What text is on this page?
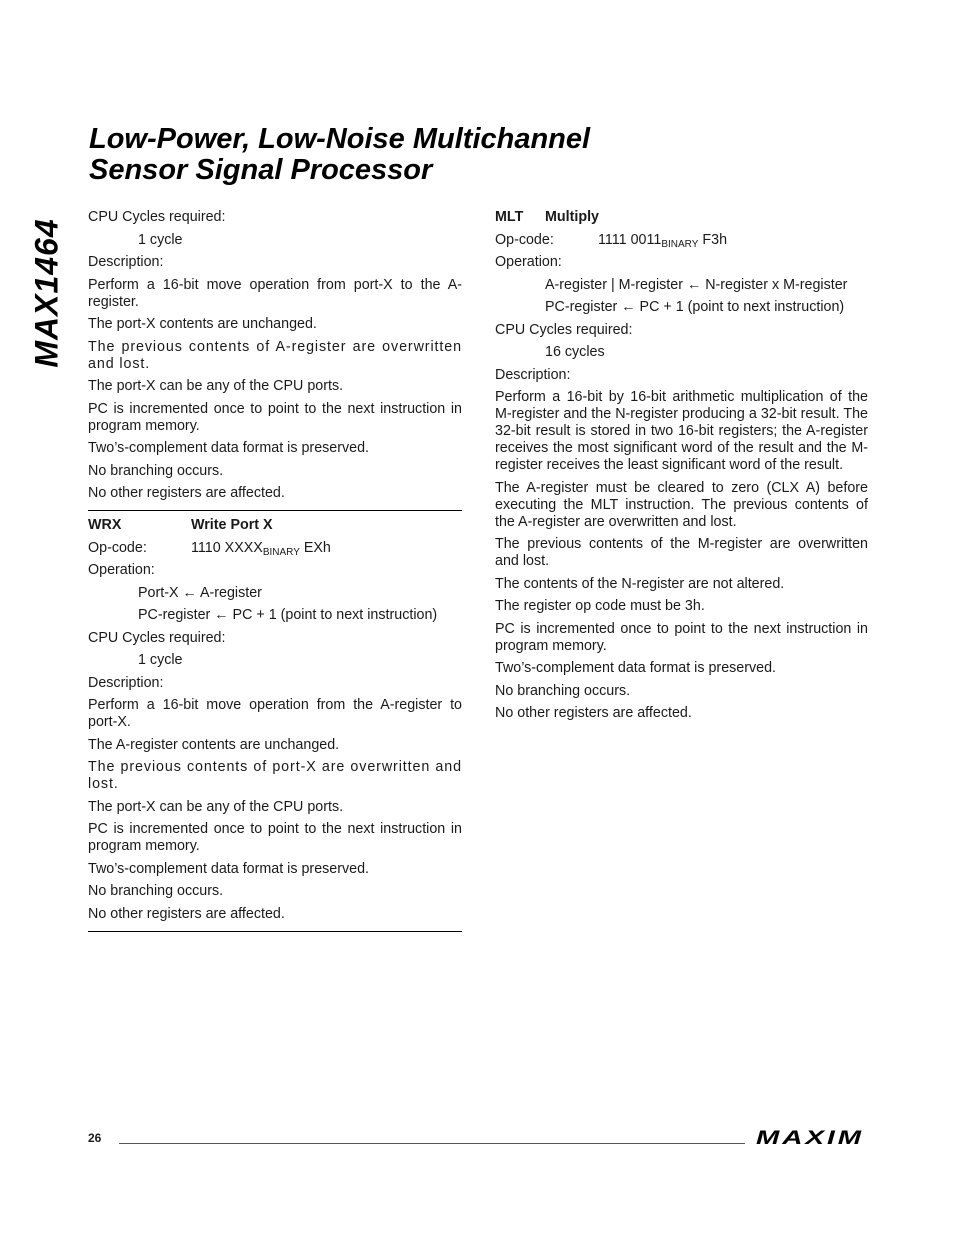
MAX1464
Low-Power, Low-Noise Multichannel
Sensor Signal Processor

CPU Cycles required:

1 cycle

Description:

Perform a 16-bit move operation from port-X to the A-register.

The port-X contents are unchanged.

The previous contents of A-register are overwritten and lost.

The port-X can be any of the CPU ports.

PC is incremented once to point to the next instruction in program memory.

Two’s-complement data format is preserved.

No branching occurs.

No other registers are affected.

WRX	Write Port X

Op-code:	1110 $XXXX_{BINARY}$ EXh

Operation:

Port-X ← A-register

PC-register ← PC + 1 (point to next instruction)

CPU Cycles required:

1 cycle

Description:

Perform a 16-bit move operation from the A-register to port-X.

The A-register contents are unchanged.

The previous contents of port-X are overwritten and lost.

The port-X can be any of the CPU ports.

PC is incremented once to point to the next instruction in program memory.

Two’s-complement data format is preserved.

No branching occurs.

No other registers are affected.

MLT Multiply

Op-code:	1111 $0011_{BINARY}$ F3h

Operation:

A-register | M-register ← N-register x M-register

PC-register ← PC + 1 (point to next instruction)

CPU Cycles required:

16 cycles

Description:

Perform a 16-bit by 16-bit arithmetic multiplication of the M-register and the N-register producing a 32-bit result. The 32-bit result is stored in two 16-bit registers; the A-register receives the most significant word of the result and the M-register receives the least significant word of the result.

The A-register must be cleared to zero (CLX A) before executing the MLT instruction. The previous contents of the A-register are overwritten and lost.

The previous contents of the M-register are overwritten and lost.

The contents of the N-register are not altered.

The register op code must be 3h.

PC is incremented once to point to the next instruction in program memory.

Two’s-complement data format is preserved.

No branching occurs.

No other registers are affected.

26	MAXIM
